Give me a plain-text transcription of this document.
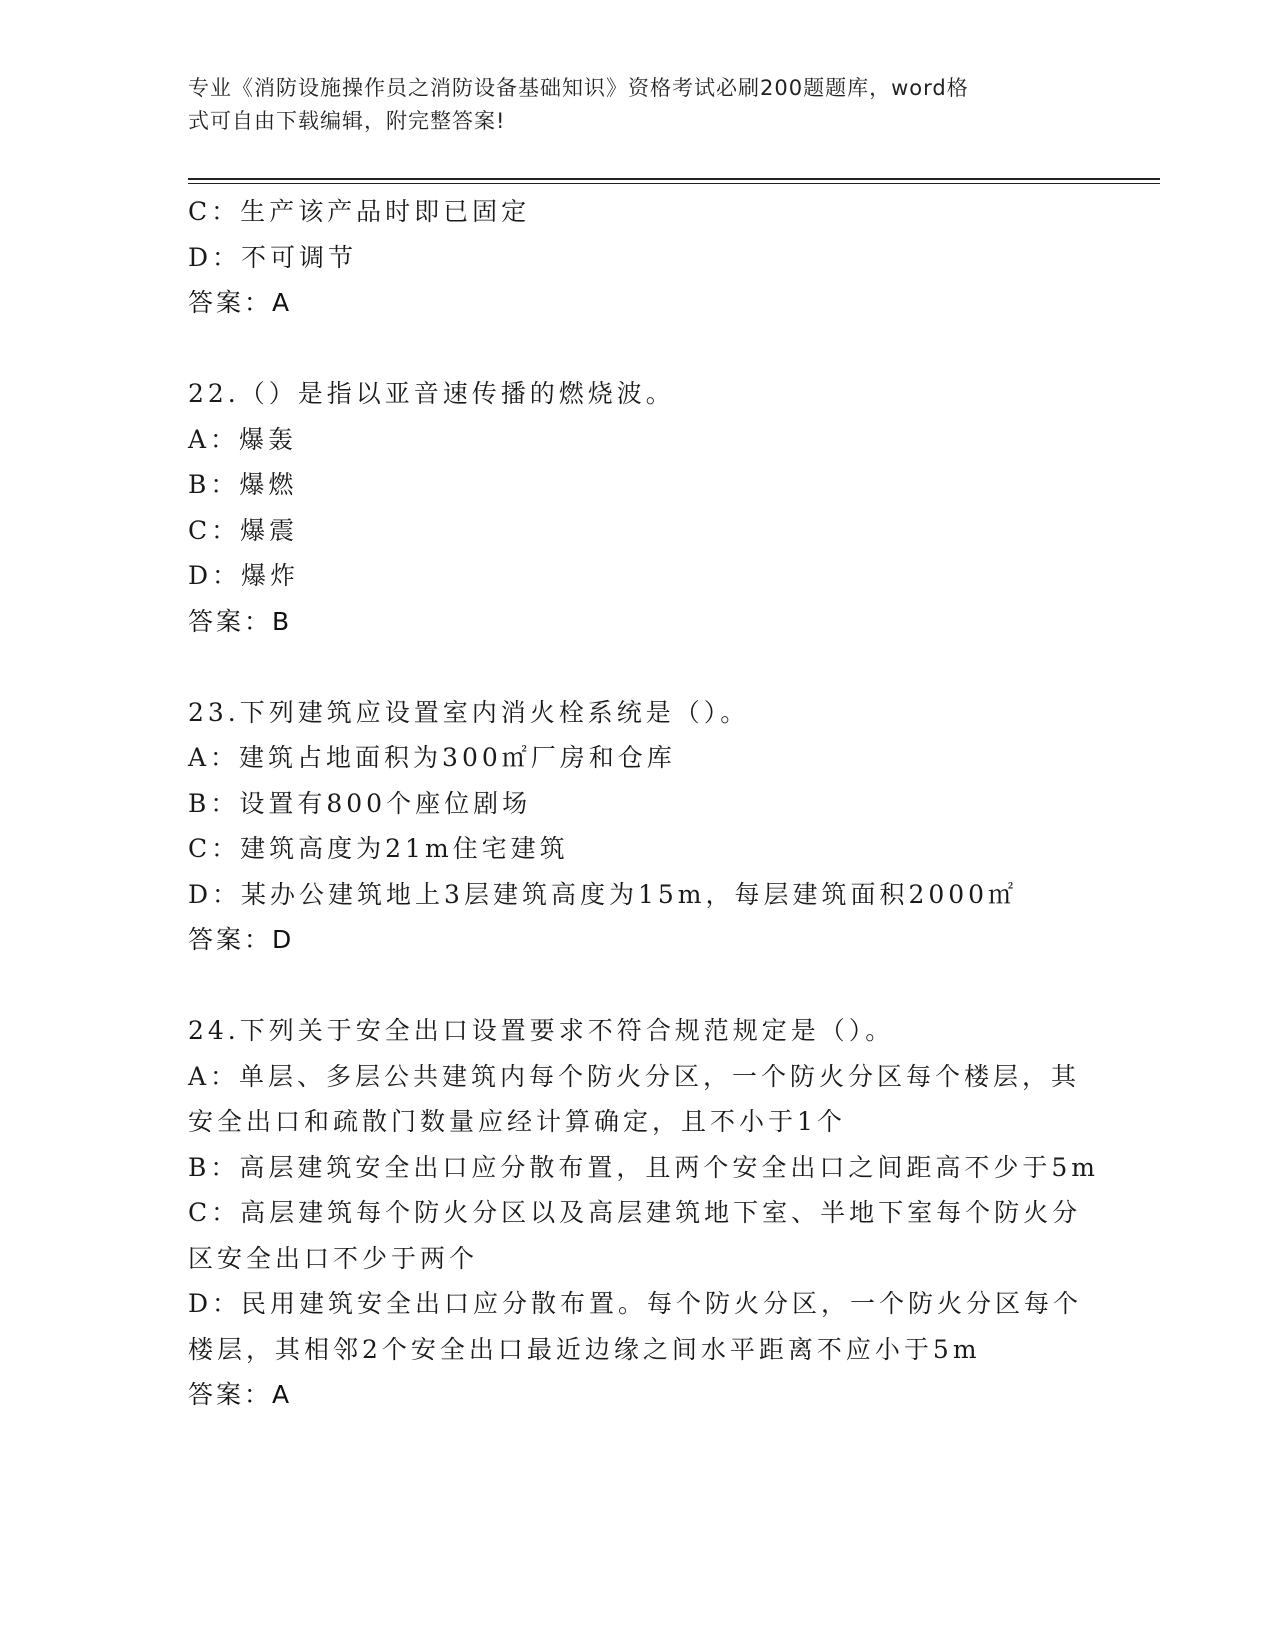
专业《消防设施操作员之消防设备基础知识》资格考试必刷200题题库，word格
式可自由下载编辑，附完整答案!
C：生产该产品时即已固定
D：不可调节
答案：A
22.（）是指以亚音速传播的燃烧波。
A：爆轰
B：爆燃
C：爆震
D：爆炸
答案：B
23.下列建筑应设置室内消火栓系统是（）。
A：建筑占地面积为300㎡厂房和仓库
B：设置有800个座位剧场
C：建筑高度为21m住宅建筑
D：某办公建筑地上3层建筑高度为15m，每层建筑面积2000㎡
答案：D
24.下列关于安全出口设置要求不符合规范规定是（）。
A：单层、多层公共建筑内每个防火分区，一个防火分区每个楼层，其
安全出口和疏散门数量应经计算确定，且不小于1个
B：高层建筑安全出口应分散布置，且两个安全出口之间距高不少于5m
C：高层建筑每个防火分区以及高层建筑地下室、半地下室每个防火分
区安全出口不少于两个
D：民用建筑安全出口应分散布置。每个防火分区，一个防火分区每个
楼层，其相邻2个安全出口最近边缘之间水平距离不应小于5m
答案：A
